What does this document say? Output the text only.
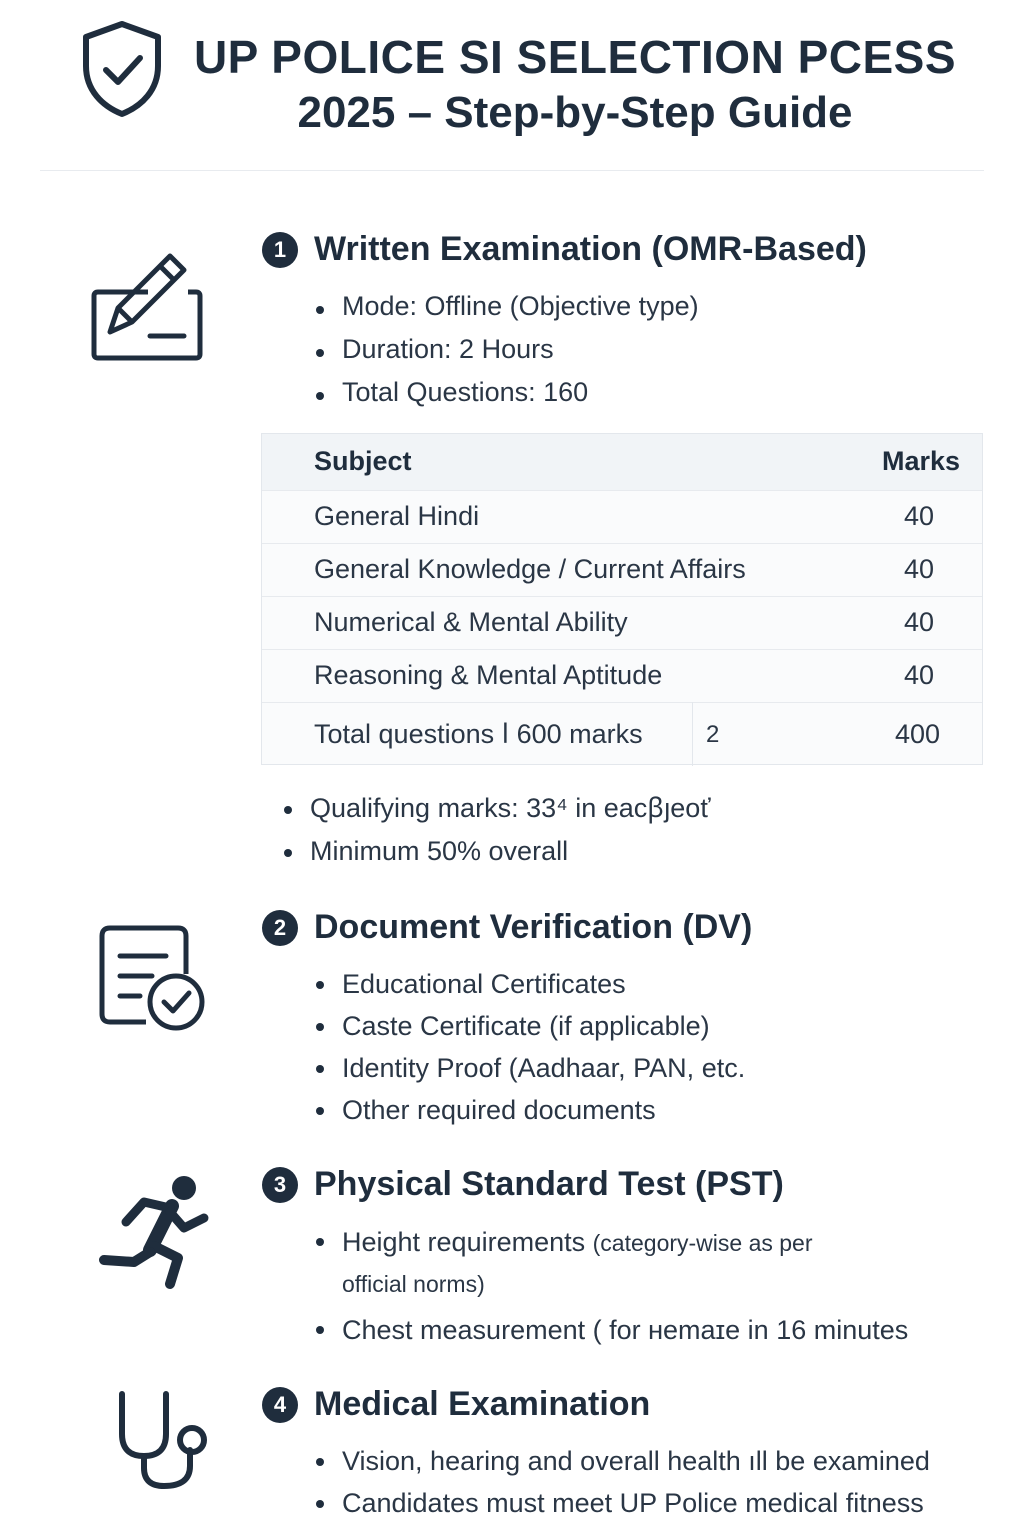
UP POLICE SI SELECTION PCESS
2025 – Step-by-Step Guide
1 Written Examination (OMR-Based)
Mode: Offline (Objective type)
Duration: 2 Hours
Total Questions: 160
Subject	Marks
General Hindi	40
General Knowledge / Current Affairs	40
Numerical & Mental Ability	40
Reasoning & Mental Aptitude	40
Total questions ⅼ 600 marks	2	400
Qualifying marks: 33⁴ in eacꞵȷeoť
Minimum 50% overall
2 Document Verification (DV)
Educational Certificates
Caste Certificate (if applicable)
Identity Proof (Aadhaar, PAN, etc.
Other required documents
3 Physical Standard Test (PST)
Height requirements (category-wise as per
official norms)
Chest measurement ( for ʜemaɪe in 16 minutes
4 Medical Examination
Vision, hearing and overall health ıll be examined
Candidates must meet UP Police medical fitness
